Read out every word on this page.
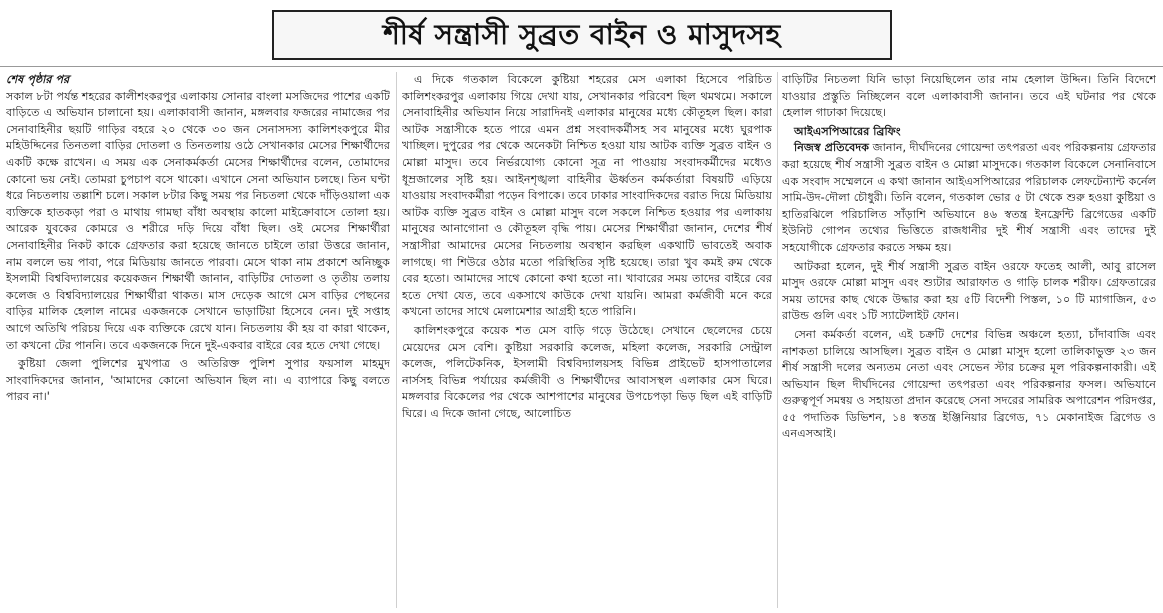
শীর্ষ সন্ত্রাসী সুব্রত বাইন ও মাসুদসহ
শেষ পৃষ্ঠার পর

সকাল ৮টা পর্যন্ত শহরের কালীশংকরপুর এলাকায় সোনার বাংলা মসজিদের পাশের একটি বাড়িতে এ অভিযান চালানো হয়। এলাকাবাসী জানান, মঙ্গলবার ফজরের নামাজের পর সেনাবাহিনীর ছয়টি গাড়ির বহরে ২০ থেকে ৩০ জন সেনাসদস্য কালিশংকপুরে মীর মহিউদ্দিনের তিনতলা বাড়ির দোতলা ও তিনতলায় ওঠে সেখানকার মেসের শিক্ষার্থীদের একটি কক্ষে রাখেন। এ সময় এক সেনাকর্মকর্তা মেসের শিক্ষার্থীদের বলেন, তোমাদের কোনো ভয় নেই। তোমরা চুপচাপ বসে থাকো। এখানে সেনা অভিযান চলছে। তিন ঘণ্টা ধরে নিচতলায় তল্লাশি চলে। সকাল ৮টার কিছু সময় পর নিচতলা থেকে দাঁড়িওয়ালা এক ব্যক্তিকে হাতকড়া পরা ও মাথায় গামছা বাঁধা অবস্থায় কালো মাইক্রোবাসে তোলা হয়। আরেক যুবকের কোমরে ও শরীরে দড়ি দিয়ে বাঁধা ছিল। ওই মেসের শিক্ষার্থীরা সেনাবাহিনীর নিকট কাকে গ্রেফতার করা হয়েছে জানতে চাইলে তারা উত্তরে জানান, নাম বললে ভয় পাবা, পরে মিডিয়ায় জানতে পারবা। মেসে থাকা নাম প্রকাশে অনিচ্ছুক ইসলামী বিশ্ববিদ্যালয়ের কয়েকজন শিক্ষার্থী জানান, বাড়িটির দোতলা ও তৃতীয় তলায় কলেজ ও বিশ্ববিদ্যালয়ের শিক্ষার্থীরা থাকত। মাস দেড়েক আগে মেস বাড়ির পেছনের বাড়ির মালিক হেলাল নামের একজনকে সেখানে ভাড়াটিয়া হিসেবে নেন। দুই সপ্তাহ আগে অতিথি পরিচয় দিয়ে এক ব্যক্তিকে রেখে যান। নিচতলায় কী হয় বা কারা থাকেন, তা কখনো টের পাননি। তবে একজনকে দিনে দুই-একবার বাইরে বের হতে দেখা গেছে।

কুষ্টিয়া জেলা পুলিশের মুখপাত্র ও অতিরিক্ত পুলিশ সুপার ফয়সাল মাহমুদ সাংবাদিকদের জানান, 'আমাদের কোনো অভিযান ছিল না। এ ব্যাপারে কিছু বলতে পারব না।'

এ দিকে গতকাল বিকেলে কুষ্টিয়া শহরের মেস এলাকা হিসেবে পরিচিত কালিশংকরপুর এলাকায় গিয়ে দেখা যায়, সেখানকার পরিবেশ ছিল থমথমে। সকালে সেনাবাহিনীর অভিযান নিয়ে সারাদিনই এলাকার মানুষের মধ্যে কৌতূহল ছিল। কারা আটক সন্ত্রাসীকে হতে পারে এমন প্রশ্ন সংবাদকর্মীসহ সব মানুষের মধ্যে ঘুরপাক খাচ্ছিল। দুপুরের পর থেকে অনেকটা নিশ্চিত হওয়া যায় আটক ব্যক্তি সুব্রত বাইন ও মোল্লা মাসুদ। তবে নির্ভরযোগ্য কোনো সূত্র না পাওয়ায় সংবাদকর্মীদের মধ্যেও ধূম্রজালের সৃষ্টি হয়। আইনশৃঙ্খলা বাহিনীর ঊর্ধ্বতন কর্মকর্তারা বিষয়টি এড়িয়ে যাওয়ায় সংবাদকর্মীরা পড়েন বিপাকে। তবে ঢাকার সাংবাদিকদের বরাত দিয়ে মিডিয়ায় আটক ব্যক্তি সুব্রত বাইন ও মোল্লা মাসুদ বলে সকলে নিশ্চিত হওয়ার পর এলাকায় মানুষের আনাগোনা ও কৌতূহল বৃদ্ধি পায়। মেসের শিক্ষার্থীরা জানান, দেশের শীর্ষ সন্ত্রাসীরা আমাদের মেসের নিচতলায় অবস্থান করছিল একথাটি ভাবতেই অবাক লাগছে। গা শিউরে ওঠার মতো পরিস্থিতির সৃষ্টি হয়েছে। তারা খুব কমই রুম থেকে বের হতো। আমাদের সাথে কোনো কথা হতো না। খাবারের সময় তাদের বাইরে বের হতে দেখা যেত, তবে একসাথে কাউকে দেখা যায়নি। আমরা কর্মজীবী মনে করে কখনো তাদের সাথে মেলামেশার আগ্রহী হতে পারিনি।

কালিশংকপুরে কয়েক শত মেস বাড়ি গড়ে উঠেছে। সেখানে ছেলেদের চেয়ে মেয়েদের মেস বেশি। কুষ্টিয়া সরকারি কলেজ, মহিলা কলেজ, সরকারি সেন্ট্রাল কলেজ, পলিটেকনিক, ইসলামী বিশ্ববিদ্যালয়সহ বিভিন্ন প্রাইভেট হাসপাতালের নার্সসহ বিভিন্ন পর্যায়ের কর্মজীবী ও শিক্ষার্থীদের আবাসস্থল এলাকার মেস ঘিরে। মঙ্গলবার বিকেলের পর থেকে আশপাশের মানুষের উপচেপড়া ভিড় ছিল এই বাড়িটি ঘিরে। এ দিকে জানা গেছে, আলোচিত

বাড়িটির নিচতলা যিনি ভাড়া নিয়েছিলেন তার নাম হেলাল উদ্দিন। তিনি বিদেশে যাওয়ার প্রস্তুতি নিচ্ছিলেন বলে এলাকাবাসী জানান। তবে এই ঘটনার পর থেকে হেলাল গাঢাকা দিয়েছে।

আইএসপিআরের ব্রিফিং

নিজস্ব প্রতিবেদক জানান, দীর্ঘদিনের গোয়েন্দা তৎপরতা এবং পরিকল্পনায় গ্রেফতার করা হয়েছে শীর্ষ সন্ত্রাসী সুব্রত বাইন ও মোল্লা মাসুদকে। গতকাল বিকেলে সেনানিবাসে এক সংবাদ সম্মেলনে এ কথা জানান আইএসপিআরের পরিচালক লেফটেন্যান্ট কর্নেল সামি-উদ-দৌলা চৌধুরী। তিনি বলেন, গতকাল ভোর ৫ টা থেকে শুরু হওয়া কুষ্টিয়া ও হাতিরঝিলে পরিচালিত সাঁড়াশি অভিযানে ৪৬ স্বতন্ত্র ইনফ্রেন্টি ব্রিগেডের একটি ইউনিট গোপন তথ্যের ভিত্তিতে রাজধানীর দুই শীর্ষ সন্ত্রাসী এবং তাদের দুই সহযোগীকে গ্রেফতার করতে সক্ষম হয়।

আটকরা হলেন, দুই শীর্ষ সন্ত্রাসী সুব্রত বাইন ওরফে ফতেহ আলী, আবু রাসেল মাসুদ ওরফে মোল্লা মাসুদ এবং শ্যুটার আরাফাত ও গাড়ি চালক শরীফ। গ্রেফতারের সময় তাদের কাছ থেকে উদ্ধার করা হয় ৫টি বিদেশী পিস্তল, ১০ টি ম্যাগাজিন, ৫৩ রাউন্ড গুলি এবং ১টি স্যাটেলাইট ফোন।

সেনা কর্মকর্তা বলেন, এই চক্রটি দেশের বিভিন্ন অঞ্চলে হত্যা, চাঁদাবাজি এবং নাশকতা চালিয়ে আসছিল। সুব্রত বাইন ও মোল্লা মাসুদ হলো তালিকাভুক্ত ২৩ জন শীর্ষ সন্ত্রাসী দলের অন্যতম নেতা এবং সেভেন স্টার চক্রের মূল পরিকল্পনাকারী। এই অভিযান ছিল দীর্ঘদিনের গোয়েন্দা তৎপরতা এবং পরিকল্পনার ফসল। অভিযানে গুরুত্বপূর্ণ সমন্বয় ও সহায়তা প্রদান করেছে সেনা সদরের সামরিক অপারেশন পরিদপ্তর, ৫৫ পদাতিক ডিভিশন, ১৪ স্বতন্ত্র ইঞ্জিনিয়ার ব্রিগেড, ৭১ মেকানাইজ ব্রিগেড ও এনএসআই।
